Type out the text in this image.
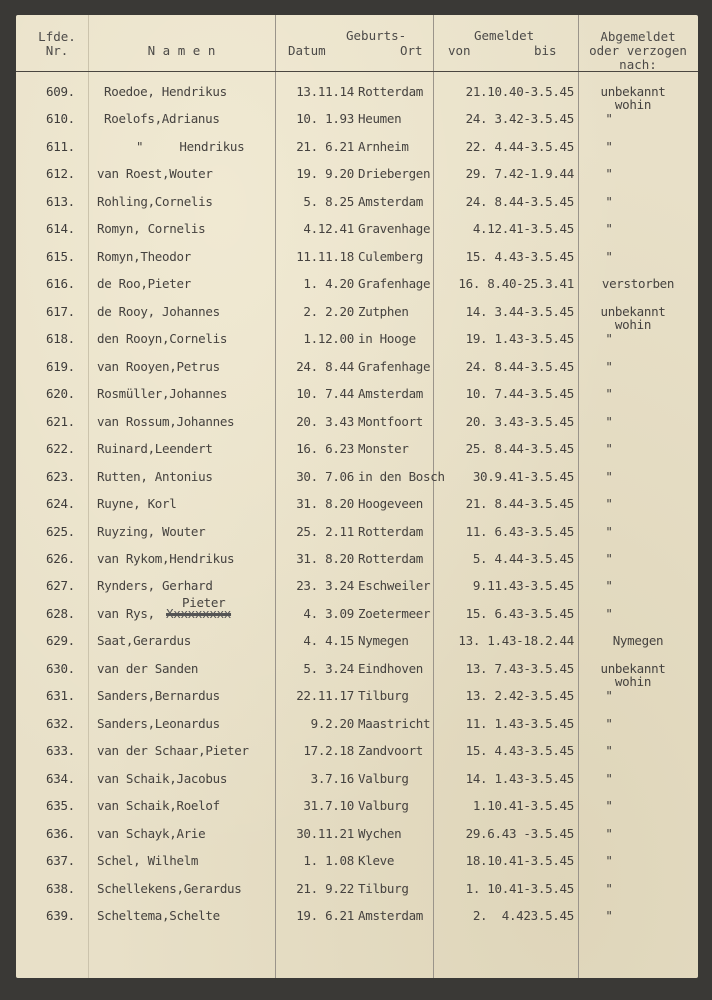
Lfde.
Nr.	N a m e n
Geburts-
Datum	Ort
Gemeldet
von	bis
Abgemeldet
oder verzogen
nach:
609. Roedoe, Hendrikus	13.11.14 Rotterdam	21.10.40-3.5.45	unbekannt
wohin
610. Roelofs,Adrianus	10. 1.93 Heumen	24. 3.42-3.5.45	"
611.	"     Hendrikus	21. 6.21 Arnheim	22. 4.44-3.5.45	"
612. van Roest,Wouter	19. 9.20 Driebergen	29. 7.42-1.9.44	"
613. Rohling,Cornelis	5. 8.25 Amsterdam	24. 8.44-3.5.45	"
614. Romyn, Cornelis	4.12.41 Gravenhage	4.12.41-3.5.45	"
615. Romyn,Theodor	11.11.18 Culemberg	15. 4.43-3.5.45	"
616. de Roo,Pieter	1. 4.20 Grafenhage 16. 8.40-25.3.41	verstorben
617. de Rooy, Johannes	2. 2.20 Zutphen	14. 3.44-3.5.45	unbekannt
wohin
618. den Rooyn,Cornelis	1.12.00 in Hooge	19. 1.43-3.5.45	"
619. van Rooyen,Petrus	24. 8.44 Grafenhage	24. 8.44-3.5.45	"
620. Rosmüller,Johannes	10. 7.44 Amsterdam	10. 7.44-3.5.45	"
621. van Rossum,Johannes	20. 3.43 Montfoort	20. 3.43-3.5.45	"
622. Ruinard,Leendert	16. 6.23 Monster	25. 8.44-3.5.45	"
623. Rutten, Antonius	30. 7.06 in den Bosch 30.9.41-3.5.45	"
624. Ruyne, Korl	31. 8.20 Hoogeveen	21. 8.44-3.5.45	"
625. Ruyzing, Wouter	25. 2.11 Rotterdam	11. 6.43-3.5.45	"
626. van Rykom,Hendrikus	31. 8.20 Rotterdam	5. 4.44-3.5.45	"
627. Rynders, Gerhard	23. 3.24 Eschweiler	9.11.43-3.5.45	"
628. van Rys,
Pieter
Xxxxxxxxx	4. 3.09 Zoetermeer	15. 6.43-3.5.45	"
629. Saat,Gerardus	4. 4.15 Nymegen	13. 1.43-18.2.44	Nymegen
630. van der Sanden	5. 3.24 Eindhoven	13. 7.43-3.5.45	unbekannt
wohin
631. Sanders,Bernardus	22.11.17 Tilburg	13. 2.42-3.5.45	"
632. Sanders,Leonardus	9.2.20 Maastricht	11. 1.43-3.5.45	"
633. van der Schaar,Pieter	17.2.18 Zandvoort	15. 4.43-3.5.45	"
634. van Schaik,Jacobus	3.7.16 Valburg	14. 1.43-3.5.45	"
635. van Schaik,Roelof	31.7.10 Valburg	1.10.41-3.5.45	"
636. van Schayk,Arie	30.11.21 Wychen	29.6.43 -3.5.45	"
637. Schel, Wilhelm	1. 1.08 Kleve	18.10.41-3.5.45	"
638. Schellekens,Gerardus	21. 9.22 Tilburg	1. 10.41-3.5.45	"
639. Scheltema,Schelte	19. 6.21 Amsterdam	2.  4.423.5.45	"
